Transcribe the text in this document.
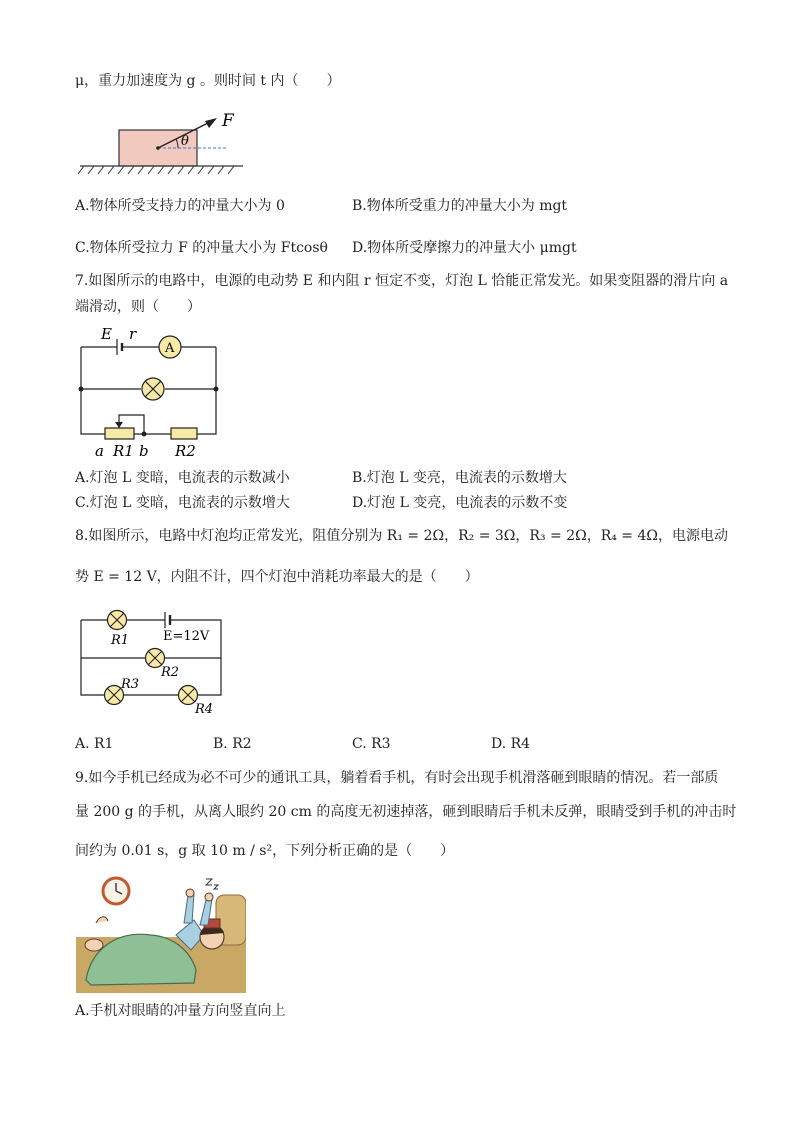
μ，重力加速度为 g 。则时间 t 内（　　）
F
θ
A.物体所受支持力的冲量大小为 0	B.物体所受重力的冲量大小为 mgt
C.物体所受拉力 F 的冲量大小为 Ftcosθ D.物体所受摩擦力的冲量大小 μmgt
7.如图所示的电路中，电源的电动势 E 和内阻 r 恒定不变，灯泡 L 恰能正常发光。如果变阻器的滑片向 a
端滑动，则（　　）
A
E r
a R1 b R2
A.灯泡 L 变暗，电流表的示数减小	B.灯泡 L 变亮，电流表的示数增大
C.灯泡 L 变暗，电流表的示数增大	D.灯泡 L 变亮，电流表的示数不变
8.如图所示，电路中灯泡均正常发光，阻值分别为 R₁ = 2Ω，R₂ = 3Ω，R₃ = 2Ω，R₄ = 4Ω，电源电动
势 E = 12 V，内阻不计，四个灯泡中消耗功率最大的是（　　）
R1	E=12V
R2
R3
R4
A. R1	B. R2	C. R3	D. R4
9.如今手机已经成为必不可少的通讯工具，躺着看手机，有时会出现手机滑落砸到眼睛的情况。若一部质
量 200 g 的手机，从离人眼约 20 cm 的高度无初速掉落，砸到眼睛后手机未反弹，眼睛受到手机的冲击时
间约为 0.01 s，g 取 10 m / s²，下列分析正确的是（　　）
A.手机对眼睛的冲量方向竖直向上
